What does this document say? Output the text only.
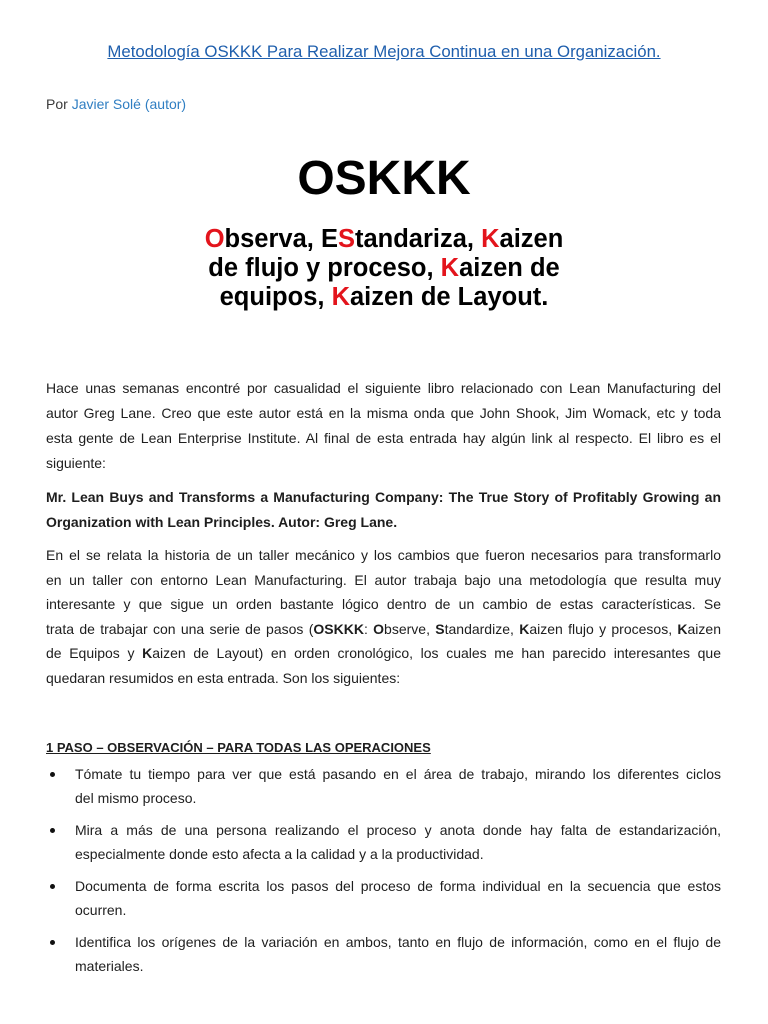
Metodología OSKKK Para Realizar Mejora Continua en una Organización.
Por Javier Solé (autor)
OSKKK
Observa, EStandariza, Kaizen
de flujo y proceso, Kaizen de
equipos, Kaizen de Layout.
Hace unas semanas encontré por casualidad el siguiente libro relacionado con Lean Manufacturing del
autor Greg Lane. Creo que este autor está en la misma onda que John Shook, Jim Womack, etc y toda
esta gente de Lean Enterprise Institute. Al final de esta entrada hay algún link al respecto. El libro es el
siguiente:
Mr. Lean Buys and Transforms a Manufacturing Company: The True Story of Profitably Growing an
Organization with Lean Principles. Autor: Greg Lane.
En el se relata la historia de un taller mecánico y los cambios que fueron necesarios para transformarlo
en un taller con entorno Lean Manufacturing. El autor trabaja bajo una metodología que resulta muy
interesante y que sigue un orden bastante lógico dentro de un cambio de estas características. Se
trata de trabajar con una serie de pasos (OSKKK: Observe, Standardize, Kaizen flujo y procesos, Kaizen
de Equipos y Kaizen de Layout) en orden cronológico, los cuales me han parecido interesantes que
quedaran resumidos en esta entrada. Son los siguientes:
1 PASO – OBSERVACIÓN – PARA TODAS LAS OPERACIONES
Tómate tu tiempo para ver que está pasando en el área de trabajo, mirando los diferentes ciclos
del mismo proceso.
Mira a más de una persona realizando el proceso y anota donde hay falta de estandarización,
especialmente donde esto afecta a la calidad y a la productividad.
Documenta de forma escrita los pasos del proceso de forma individual en la secuencia que estos
ocurren.
Identifica los orígenes de la variación en ambos, tanto en flujo de información, como en el flujo de
materiales.
